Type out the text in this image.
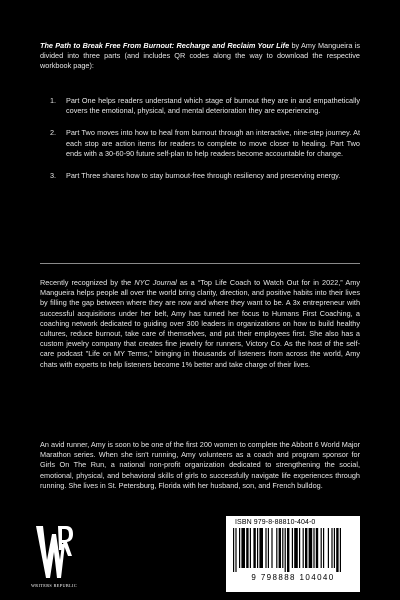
The Path to Break Free From Burnout: Recharge and Reclaim Your Life by Amy Mangueira is divided into three parts (and includes QR codes along the way to download the respective workbook page):
1. Part One helps readers understand which stage of burnout they are in and empathetically covers the emotional, physical, and mental deterioration they are experiencing.
2. Part Two moves into how to heal from burnout through an interactive, nine-step journey. At each stop are action items for readers to complete to move closer to healing. Part Two ends with a 30-60-90 future self-plan to help readers become accountable for change.
3. Part Three shares how to stay burnout-free through resiliency and preserving energy.
Recently recognized by the NYC Journal as a “Top Life Coach to Watch Out for in 2022,” Amy Mangueira helps people all over the world bring clarity, direction, and positive habits into their lives by filling the gap between where they are now and where they want to be. A 3x entrepreneur with successful acquisitions under her belt, Amy has turned her focus to Humans First Coaching, a coaching network dedicated to guiding over 300 leaders in organizations on how to build healthy cultures, reduce burnout, take care of themselves, and put their employees first. She also has a custom jewelry company that creates fine jewelry for runners, Victory Co. As the host of the self-care podcast "Life on MY Terms," bringing in thousands of listeners from across the world, Amy chats with experts to help listeners become 1% better and take charge of their lives.
An avid runner, Amy is soon to be one of the first 200 women to complete the Abbott 6 World Major Marathon series. When she isn't running, Amy volunteers as a coach and program sponsor for Girls On The Run, a national non-profit organization dedicated to strengthening the social, emotional, physical, and behavioral skills of girls to successfully navigate life experiences through running. She lives in St. Petersburg, Florida with her husband, son, and French bulldog.
WR
WRITERS REPUBLIC
ISBN 979-8-88810-404-0
9 798888 104040
